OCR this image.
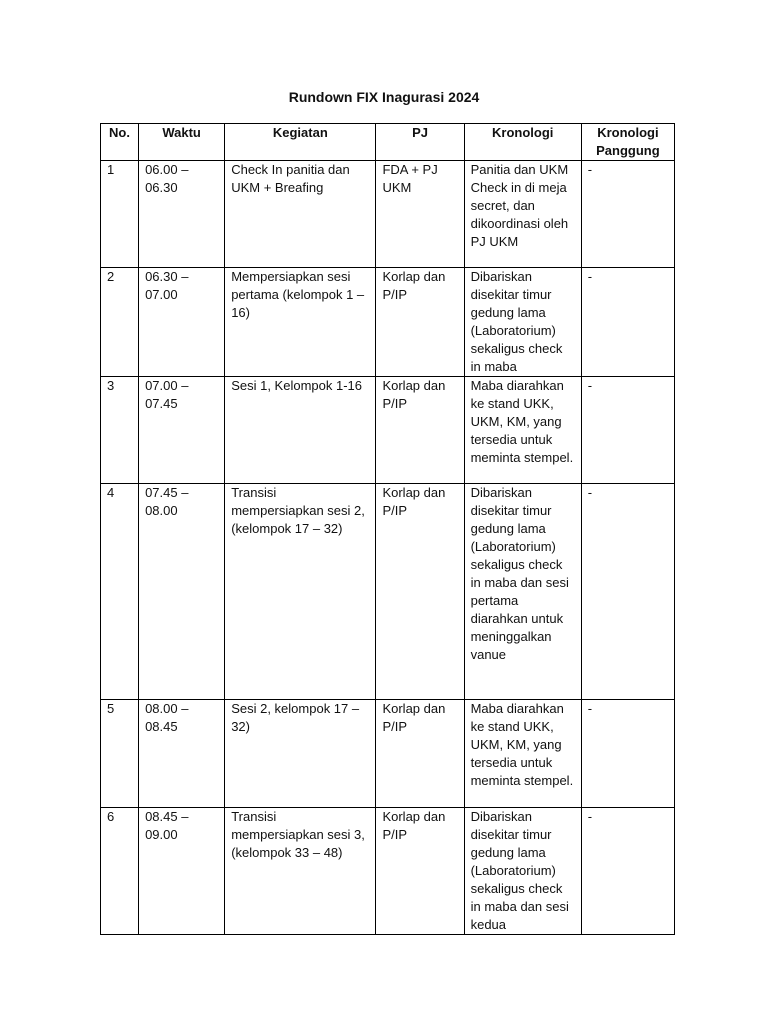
Rundown FIX Inagurasi 2024
No.	Waktu	Kegiatan	PJ	Kronologi	Kronologi Panggung
1	06.00 – 06.30	Check In panitia dan UKM + Breafing	FDA + PJ UKM	Panitia dan UKM Check in di meja secret, dan dikoordinasi oleh PJ UKM	-
2	06.30 – 07.00	Mempersiapkan sesi pertama (kelompok 1 – 16)	Korlap dan P/IP	Dibariskan disekitar timur gedung lama (Laboratorium) sekaligus check in maba	-
3	07.00 – 07.45	Sesi 1, Kelompok 1-16	Korlap dan P/IP	Maba diarahkan ke stand UKK, UKM, KM, yang tersedia untuk meminta stempel.	-
4	07.45 – 08.00	Transisi mempersiapkan sesi 2, (kelompok 17 – 32)	Korlap dan P/IP	Dibariskan disekitar timur gedung lama (Laboratorium) sekaligus check in maba dan sesi pertama diarahkan untuk meninggalkan vanue	-
5	08.00 – 08.45	Sesi 2, kelompok 17 – 32)	Korlap dan P/IP	Maba diarahkan ke stand UKK, UKM, KM, yang tersedia untuk meminta stempel.	-
6	08.45 – 09.00	Transisi mempersiapkan sesi 3, (kelompok 33 – 48)	Korlap dan P/IP	Dibariskan disekitar timur gedung lama (Laboratorium) sekaligus check in maba dan sesi kedua	-
